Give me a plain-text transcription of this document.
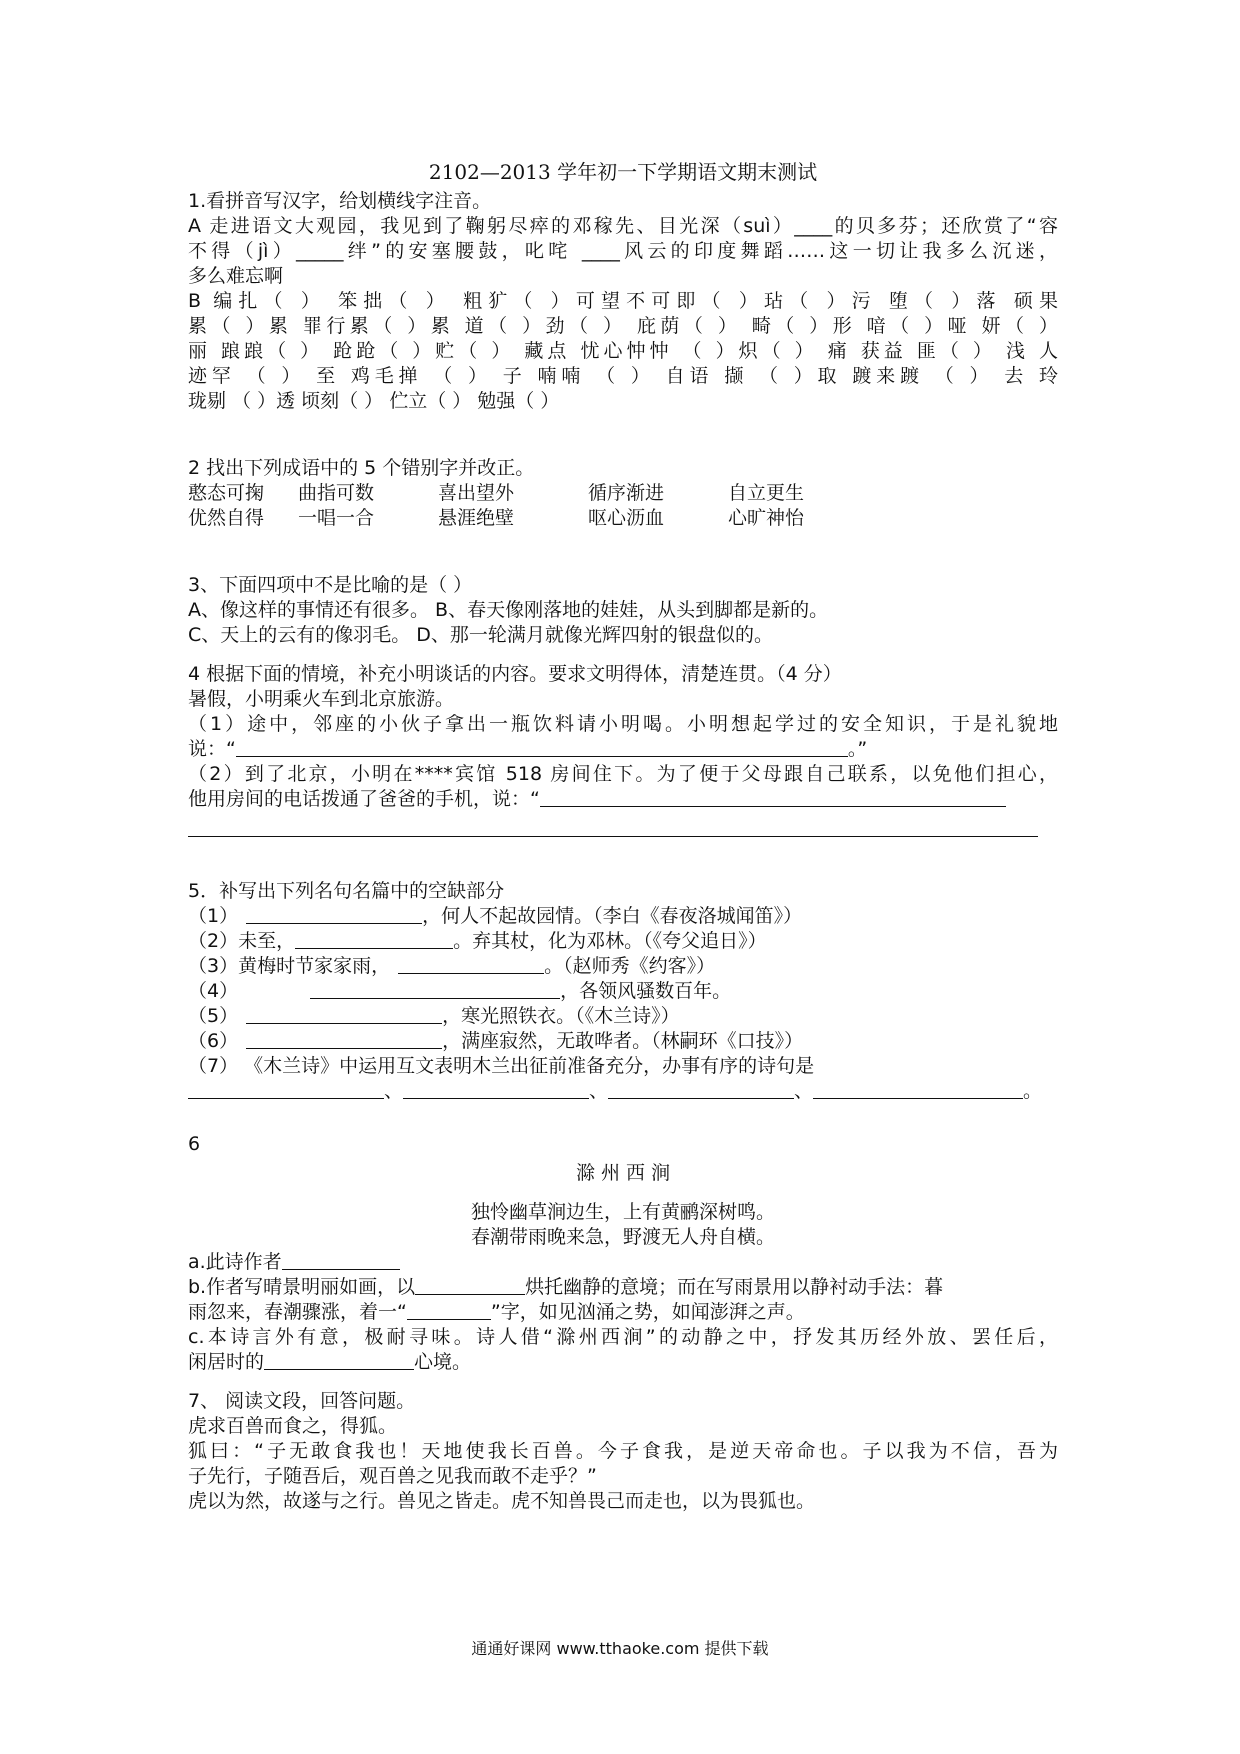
2102—2013 学年初一下学期语文期末测试
1.看拼音写汉字，给划横线字注音。
A 走进语文大观园，我见到了鞠躬尽瘁的邓稼先、目光深（suì）____的贝多芬；还欣赏了“容
不得（jì）_____绊”的安塞腰鼓，叱咤 ____风云的印度舞蹈……这一切让我多么沉迷，
多么难忘啊
B 编扎（ ） 笨拙（ ） 粗犷（ ）可望不可即（ ）玷（ ）污 堕（ ）落 硕果
累（ ）累 罪行累（ ）累 道（ ）劲（ ） 庇荫（ ） 畸（ ）形 喑（ ）哑 妍（ ）
丽 踉踉（ ） 跄跄（ ）贮（ ） 藏点 忧心忡忡 （ ）炽（ ） 痛 获益 匪（ ） 浅 人
迹罕 （ ） 至 鸡毛掸 （ ） 子 喃喃 （ ） 自语 撷 （ ）取 踱来踱 （ ） 去 玲
珑剔 （ ）透 顷刻（ ） 伫立（ ） 勉强（ ）
2 找出下列成语中的 5 个错别字并改正。
憨态可掬	曲指可数	喜出望外	循序渐进	自立更生
优然自得	一唱一合	悬涯绝壁	呕心沥血	心旷神怡
3、下面四项中不是比喻的是（ ）
A、像这样的事情还有很多。 B、春天像刚落地的娃娃，从头到脚都是新的。
C、天上的云有的像羽毛。 D、那一轮满月就像光辉四射的银盘似的。
4 根据下面的情境，补充小明谈话的内容。要求文明得体，清楚连贯。（4 分）
暑假，小明乘火车到北京旅游。
（1）途中，邻座的小伙子拿出一瓶饮料请小明喝。小明想起学过的安全知识，于是礼貌地
说：“	。”
（2）到了北京，小明在****宾馆 518 房间住下。为了便于父母跟自己联系，以免他们担心，
他用房间的电话拨通了爸爸的手机，说：“
5．补写出下列名句名篇中的空缺部分
（1）	，何人不起故园情。（李白《春夜洛城闻笛》）
（2）未至，	。弃其杖，化为邓林。（《夸父追日》）
（3）黄梅时节家家雨，	。（赵师秀《约客》）
（4）	，各领风骚数百年。
（5）	，寒光照铁衣。（《木兰诗》）
（6）	，满座寂然，无敢哗者。（林嗣环《口技》）
（7） 《木兰诗》中运用互文表明木兰出征前准备充分，办事有序的诗句是
、	、	、	。
6
滁 州 西 涧
独怜幽草涧边生，上有黄鹂深树鸣。
春潮带雨晚来急，野渡无人舟自横。
a.此诗作者
b.作者写晴景明丽如画，以	烘托幽静的意境；而在写雨景用以静衬动手法：暮
雨忽来，春潮骤涨，着一“	”字，如见汹涌之势，如闻澎湃之声。
c.本诗言外有意，极耐寻味。诗人借“滁州西涧”的动静之中，抒发其历经外放、罢任后，
闲居时的	心境。
7、 阅读文段，回答问题。
虎求百兽而食之，得狐。
狐曰：“子无敢食我也！天地使我长百兽。今子食我，是逆天帝命也。子以我为不信，吾为
子先行，子随吾后，观百兽之见我而敢不走乎？”
虎以为然，故遂与之行。兽见之皆走。虎不知兽畏己而走也，以为畏狐也。
通通好课网 www.tthaoke.com 提供下载
